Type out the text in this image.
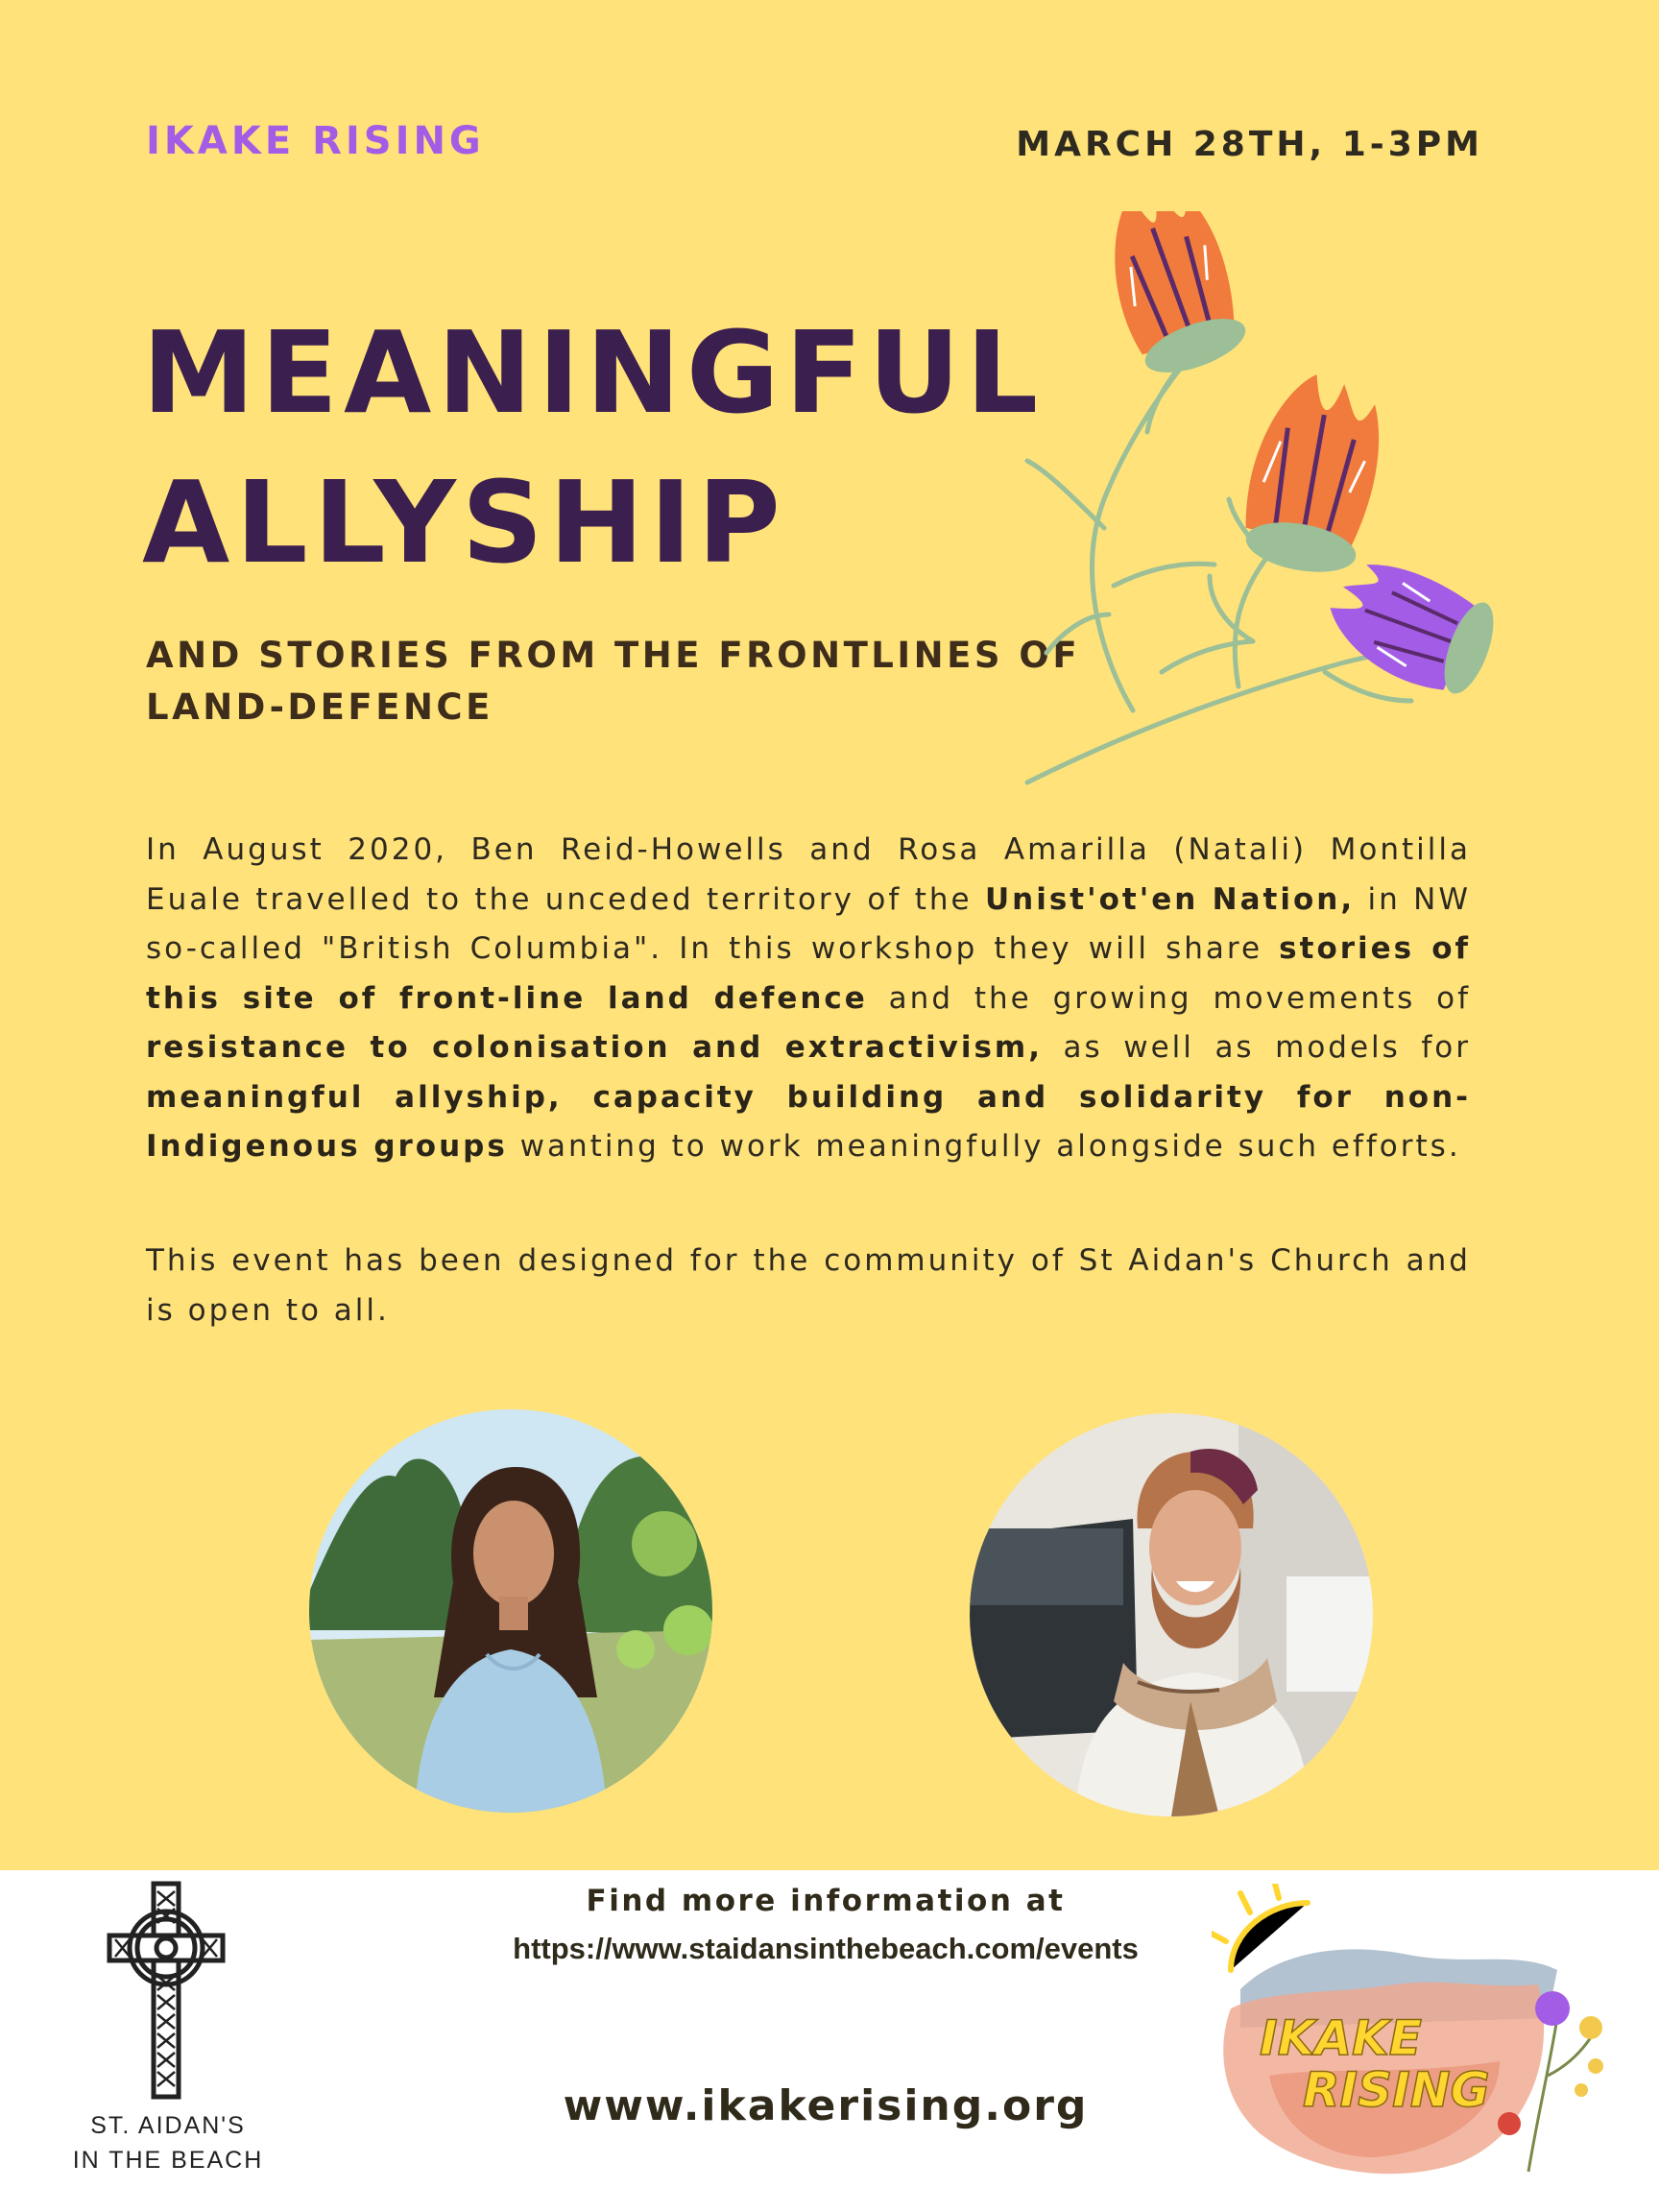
IKAKE RISING	MARCH 28TH, 1-3PM
MEANINGFUL
ALLYSHIP
AND STORIES FROM THE FRONTLINES OF
LAND-DEFENCE

In August 2020, Ben Reid-Howells and Rosa Amarilla (Natali) Montilla Euale travelled to the unceded territory of the Unist'ot'en Nation, in NW so-called "British Columbia". In this workshop they will share stories of this site of front-line land defence and the growing movements of resistance to colonisation and extractivism, as well as models for meaningful allyship, capacity building and solidarity for non-Indigenous groups wanting to work meaningfully alongside such efforts.

This event has been designed for the community of St Aidan's Church and is open to all.

ST. AIDAN'S
IN THE BEACH
Find more information at
https://www.staidansinthebeach.com/events
www.ikakerising.org
IKAKE
RISING
